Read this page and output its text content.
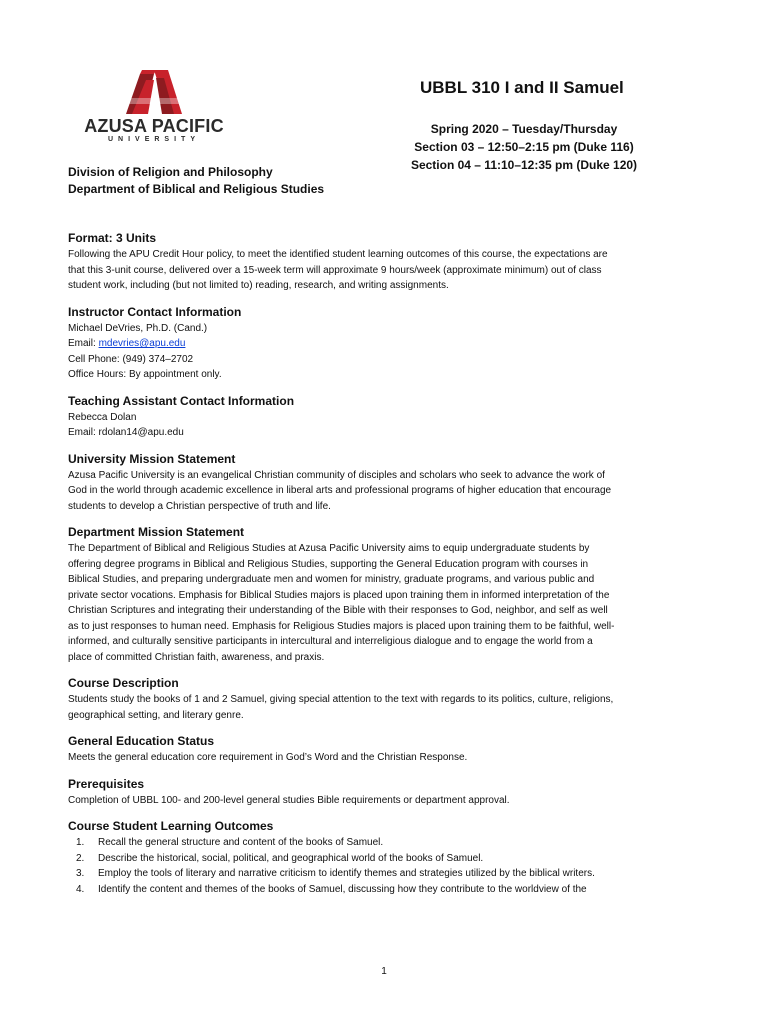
AZUSA PACIFIC
UNIVERSITY
Division of Religion and Philosophy
Department of Biblical and Religious Studies
UBBL 310 I and II Samuel
Spring 2020 – Tuesday/Thursday
Section 03 – 12:50–2:15 pm (Duke 116)
Section 04 – 11:10–12:35 pm (Duke 120)
Format: 3 Units
Following the APU Credit Hour policy, to meet the identified student learning outcomes of this course, the expectations are
that this 3-unit course, delivered over a 15-week term will approximate 9 hours/week (approximate minimum) out of class
student work, including (but not limited to) reading, research, and writing assignments.
Instructor Contact Information
Michael DeVries, Ph.D. (Cand.)
Email: mdevries@apu.edu
Cell Phone: (949) 374–2702
Office Hours: By appointment only.
Teaching Assistant Contact Information
Rebecca Dolan
Email: rdolan14@apu.edu
University Mission Statement
Azusa Pacific University is an evangelical Christian community of disciples and scholars who seek to advance the work of
God in the world through academic excellence in liberal arts and professional programs of higher education that encourage
students to develop a Christian perspective of truth and life.
Department Mission Statement
The Department of Biblical and Religious Studies at Azusa Pacific University aims to equip undergraduate students by
offering degree programs in Biblical and Religious Studies, supporting the General Education program with courses in
Biblical Studies, and preparing undergraduate men and women for ministry, graduate programs, and various public and
private sector vocations. Emphasis for Biblical Studies majors is placed upon training them in informed interpretation of the
Christian Scriptures and integrating their understanding of the Bible with their responses to God, neighbor, and self as well
as to just responses to human need. Emphasis for Religious Studies majors is placed upon training them to be faithful, well-
informed, and culturally sensitive participants in intercultural and interreligious dialogue and to engage the world from a
place of committed Christian faith, awareness, and praxis.
Course Description
Students study the books of 1 and 2 Samuel, giving special attention to the text with regards to its politics, culture, religions,
geographical setting, and literary genre.
General Education Status
Meets the general education core requirement in God’s Word and the Christian Response.
Prerequisites
Completion of UBBL 100- and 200-level general studies Bible requirements or department approval.
Course Student Learning Outcomes
1.	Recall the general structure and content of the books of Samuel.
2.	Describe the historical, social, political, and geographical world of the books of Samuel.
3.	Employ the tools of literary and narrative criticism to identify themes and strategies utilized by the biblical writers.
4.	Identify the content and themes of the books of Samuel, discussing how they contribute to the worldview of the
1
